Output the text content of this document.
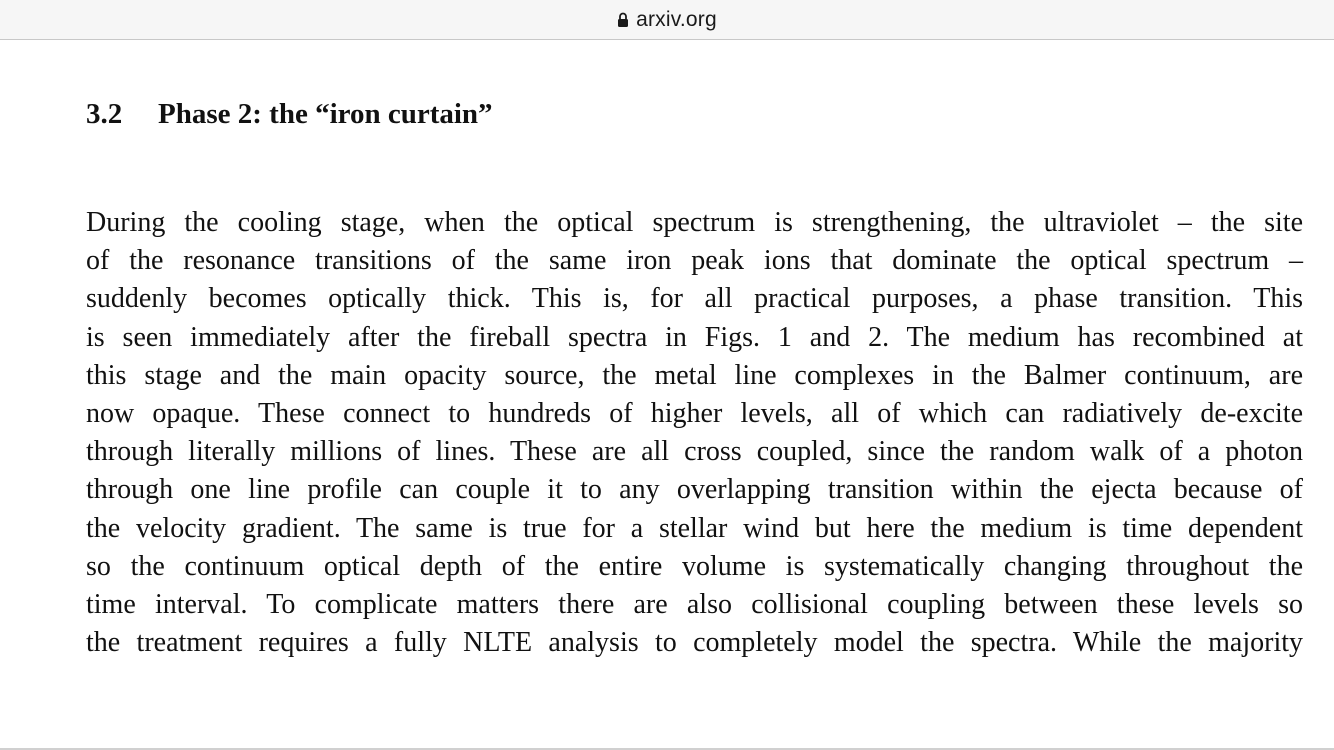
arxiv.org
3.2 Phase 2: the “iron curtain”
During the cooling stage, when the optical spectrum is strengthening, the ultraviolet – the site
of the resonance transitions of the same iron peak ions that dominate the optical spectrum –
suddenly becomes optically thick. This is, for all practical purposes, a phase transition. This
is seen immediately after the fireball spectra in Figs. 1 and 2. The medium has recombined at
this stage and the main opacity source, the metal line complexes in the Balmer continuum, are
now opaque. These connect to hundreds of higher levels, all of which can radiatively de-excite
through literally millions of lines. These are all cross coupled, since the random walk of a photon
through one line profile can couple it to any overlapping transition within the ejecta because of
the velocity gradient. The same is true for a stellar wind but here the medium is time dependent
so the continuum optical depth of the entire volume is systematically changing throughout the
time interval. To complicate matters there are also collisional coupling between these levels so
the treatment requires a fully NLTE analysis to completely model the spectra. While the majority
